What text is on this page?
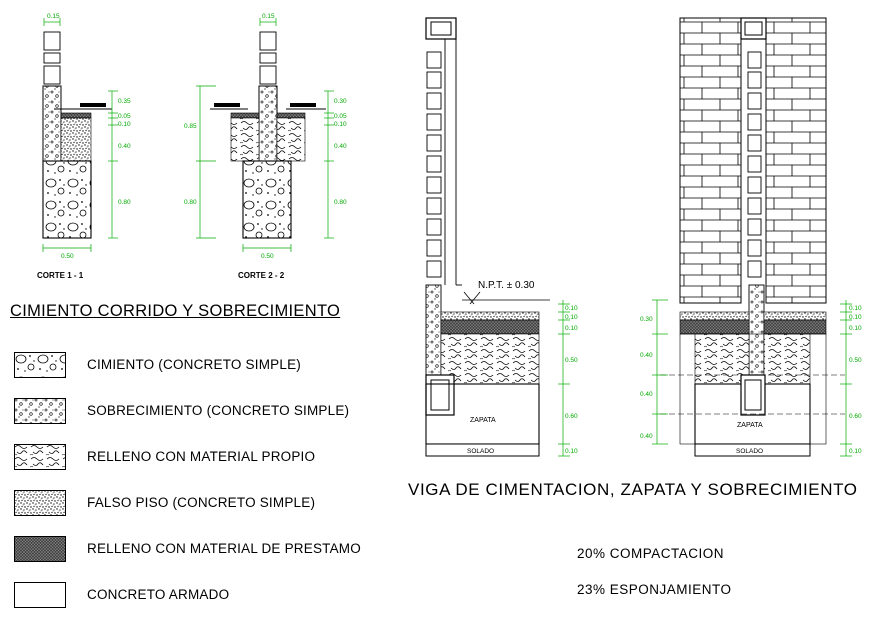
0.15
0.50
0.35
0.05
0.10
0.40
0.80
CORTE 1 - 1
0.15
0.50
0.85
0.80
0.30
0.05
0.10
0.40
0.80
CORTE 2 - 2
N.P.T. ± 0.30
ZAPATA
SOLADO
0.10
0.10
0.10
0.50
0.60
0.10
ZAPATA
SOLADO
0.30
0.40
0.40
0.40
0.10
0.10
0.10
0.50
0.60
0.10
CIMIENTO CORRIDO Y SOBRECIMIENTO
CIMIENTO (CONCRETO SIMPLE)
SOBRECIMIENTO (CONCRETO SIMPLE)
RELLENO CON MATERIAL PROPIO
FALSO PISO (CONCRETO SIMPLE)
RELLENO CON MATERIAL DE PRESTAMO
CONCRETO ARMADO
VIGA DE CIMENTACION, ZAPATA Y SOBRECIMIENTO
20% COMPACTACION
23% ESPONJAMIENTO
